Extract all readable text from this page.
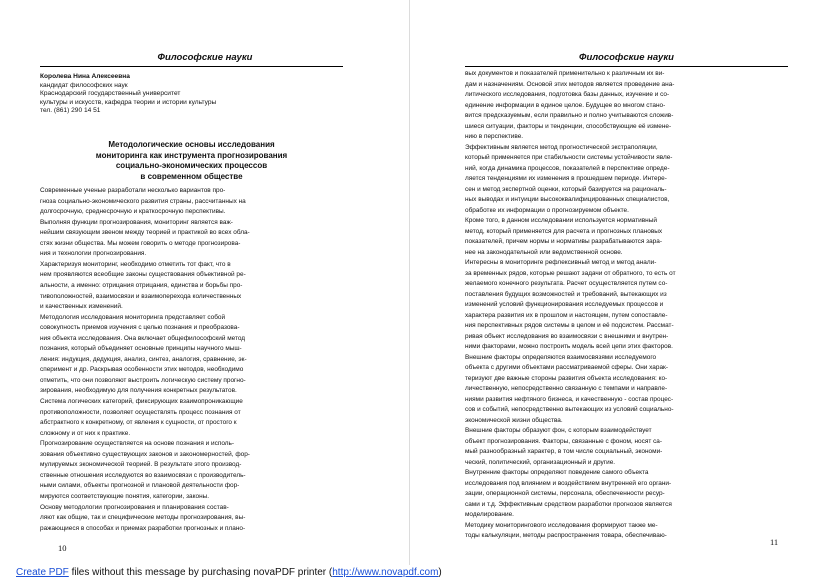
Философские науки
Королева Нина Алексеевна
кандидат философских наук
Краснодарский государственный университет
культуры и искусств, кафедра теории и истории культуры
тел. (861) 290 14 51
Методологические основы исследования
мониторинга как инструмента прогнозирования
социально-экономических процессов
в современном обществе
Современные ученые разработали несколько вариантов про-
гноза социально-экономического развития страны, рассчитанных на
долгосрочную, среднесрочную и краткосрочную перспективы.
Выполняя функции прогнозирования, мониторинг является важ-
нейшим связующим звеном между теорией и практикой во всех обла-
стях жизни общества. Мы можем говорить о методе прогнозирова-
ния и технологии прогнозирования.
Характеризуя мониторинг, необходимо отметить тот факт, что в
нем проявляются всеобщие законы существования объективной ре-
альности, а именно: отрицания отрицания, единства и борьбы про-
тивоположностей, взаимосвязи и взаимоперехода количественных
и качественных изменений.
Методология исследования мониторинга представляет собой
совокупность приемов изучения с целью познания и преобразова-
ния объекта исследования. Она включает общефилософский метод
познания, который объединяет основные принципы научного мыш-
ления: индукция, дедукция, анализ, синтез, аналогия, сравнение, эк-
сперимент и др. Раскрывая особенности этих методов, необходимо
отметить, что они позволяют выстроить логическую систему прогно-
зирования, необходимую для получения конкретных результатов.
Система логических категорий, фиксирующих взаимопроникающие
противоположности, позволяет осуществлять процесс познания от
абстрактного к конкретному, от явления к сущности, от простого к
сложному и от них к практике.
Прогнозирование осуществляется на основе познания и исполь-
зования объективно существующих законов и закономерностей, фор-
мулируемых экономической теорией. В результате этого производ-
ственные отношения исследуются во взаимосвязи с производитель-
ными силами, объекты прогнозной и плановой деятельности фор-
мируются соответствующие понятия, категории, законы.
Основу методологии прогнозирования и планирования состав-
ляют как общие, так и специфические методы прогнозирования, вы-
ражающиеся в способах и приемах разработки прогнозных и плано-
10
Философские науки
вых документов и показателей применительно к различным их ви-
дам и назначениям. Основой этих методов является проведение ана-
литического исследования, подготовка базы данных, изучение и со-
единение информации в единое целое. Будущее во многом стано-
вится предсказуемым, если правильно и полно учитываются сложив-
шиеся ситуации, факторы и тенденции, способствующие её измене-
нию в перспективе.
Эффективным является метод прогностической экстраполяции,
который применяется при стабильности системы устойчивости явле-
ний, когда динамика процессов, показателей в перспективе опреде-
ляется тенденциями их изменения в прошедшем периоде. Интере-
сен и метод экспертной оценки, который базируется на рациональ-
ных выводах и интуиции высококвалифицированных специалистов,
обработке их информации о прогнозируемом объекте.
Кроме того, в данном исследовании используется нормативный
метод, который применяется для расчета и прогнозных плановых
показателей, причем нормы и нормативы разрабатываются зара-
нее на законодательной или ведомственной основе.
Интересны в мониторинге рефлексивный метод и метод анали-
за временных рядов, которые решают задачи от обратного, то есть от
желаемого конечного результата. Расчет осуществляется путем со-
поставления будущих возможностей и требований, вытекающих из
изменений условий функционирования исследуемых процессов и
характера развития их в прошлом и настоящем, путем сопоставле-
ния перспективных рядов системы в целом и её подсистем. Рассмат-
ривая объект исследования во взаимосвязи с внешними и внутрен-
ними факторами, можно построить модель всей цепи этих факторов.
Внешние факторы определяются взаимосвязями исследуемого
объекта с другими объектами рассматриваемой сферы. Они харак-
теризуют две важные стороны развития объекта исследования: ко-
личественную, непосредственно связанную с темпами и направле-
ниями развития нефтяного бизнеса, и качественную - состав процес-
сов и событий, непосредственно вытекающих из условий социально-
экономической жизни общества.
Внешние факторы образуют фон, с которым взаимодействует
объект прогнозирования. Факторы, связанные с фоном, носят са-
мый разнообразный характер, в том числе социальный, экономи-
ческий, политический, организационный и другие.
Внутренние факторы определяют поведение самого объекта
исследования под влиянием и воздействием внутренней его органи-
зации, операционной системы, персонала, обеспеченности ресур-
сами и т.д. Эффективным средством разработки прогнозов является
моделирование.
Методику мониторингового исследования формируют также ме-
тоды калькуляции, методы распространения товара, обеспечиваю-
11
Create PDF files without this message by purchasing novaPDF printer (http://www.novapdf.com)
